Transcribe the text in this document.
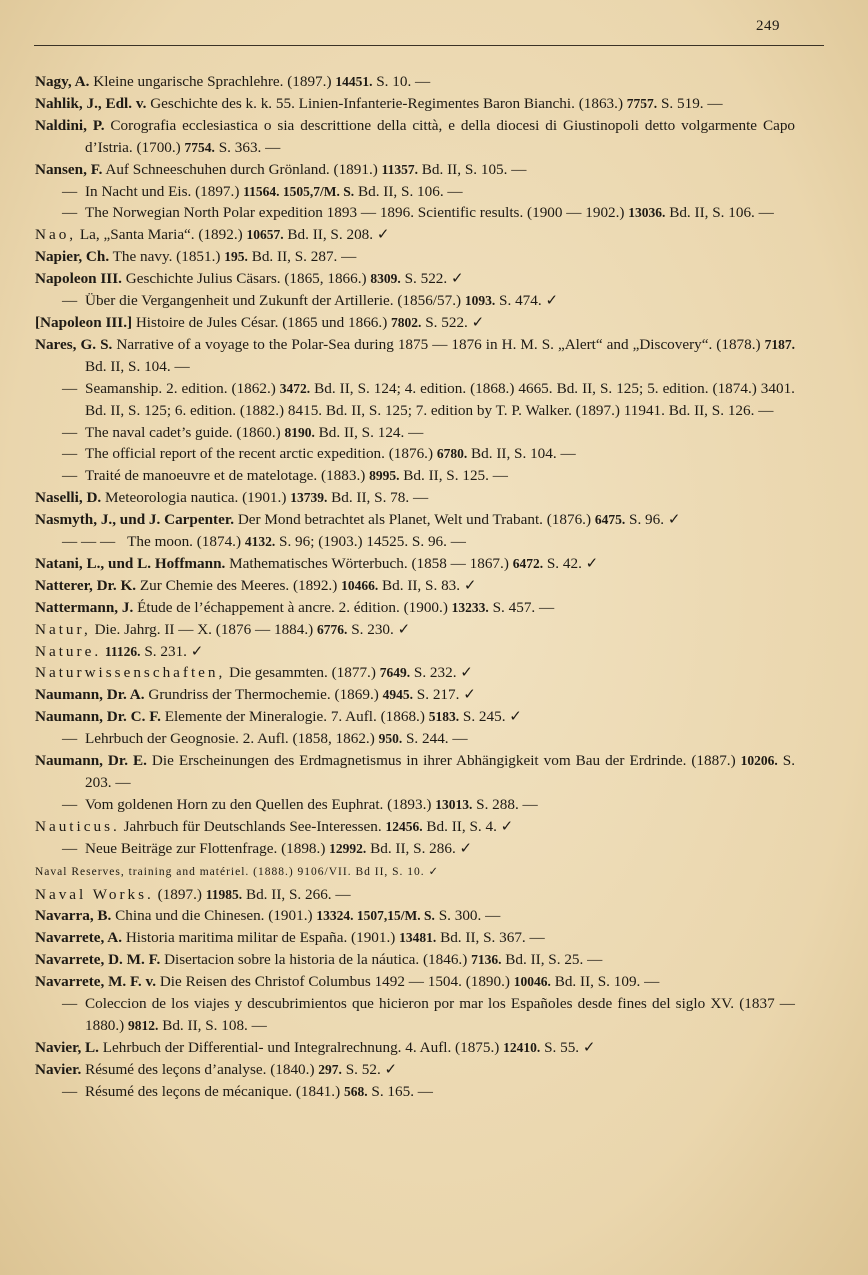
249
Nagy, A. Kleine ungarische Sprachlehre. (1897.) 14451. S. 10. —
Nahlik, J., Edl. v. Geschichte des k. k. 55. Linien-Infanterie-Regimentes Baron Bianchi. (1863.) 7757. S. 519. —
Naldini, P. Corografia ecclesiastica o sia descrittione della città, e della diocesi di Giustinopoli detto volgarmente Capo d’Istria. (1700.) 7754. S. 363. —
Nansen, F. Auf Schneeschuhen durch Grönland. (1891.) 11357. Bd. II, S. 105. —
— In Nacht und Eis. (1897.) 11564. 1505,7/M. S. Bd. II, S. 106. —
— The Norwegian North Polar expedition 1893 — 1896. Scientific results. (1900 — 1902.) 13036. Bd. II, S. 106. —
Nao, La, „Santa Maria“. (1892.) 10657. Bd. II, S. 208. ✓
Napier, Ch. The navy. (1851.) 195. Bd. II, S. 287. —
Napoleon III. Geschichte Julius Cäsars. (1865, 1866.) 8309. S. 522. ✓
— Über die Vergangenheit und Zukunft der Artillerie. (1856/57.) 1093. S. 474. ✓
[Napoleon III.] Histoire de Jules César. (1865 und 1866.) 7802. S. 522. ✓
Nares, G. S. Narrative of a voyage to the Polar-Sea during 1875 — 1876 in H. M. S. „Alert“ and „Discovery“. (1878.) 7187. Bd. II, S. 104. —
— Seamanship. 2. edition. (1862.) 3472. Bd. II, S. 124; 4. edition. (1868.) 4665. Bd. II, S. 125; 5. edition. (1874.) 3401. Bd. II, S. 125; 6. edition. (1882.) 8415. Bd. II, S. 125; 7. edition by T. P. Walker. (1897.) 11941. Bd. II, S. 126. —
— The naval cadet’s guide. (1860.) 8190. Bd. II, S. 124. —
— The official report of the recent arctic expedition. (1876.) 6780. Bd. II, S. 104. —
— Traité de manoeuvre et de matelotage. (1883.) 8995. Bd. II, S. 125. —
Naselli, D. Meteorologia nautica. (1901.) 13739. Bd. II, S. 78. —
Nasmyth, J., und J. Carpenter. Der Mond betrachtet als Planet, Welt und Trabant. (1876.) 6475. S. 96. ✓
— — — The moon. (1874.) 4132. S. 96; (1903.) 14525. S. 96. —
Natani, L., und L. Hoffmann. Mathematisches Wörterbuch. (1858 — 1867.) 6472. S. 42. ✓
Natterer, Dr. K. Zur Chemie des Meeres. (1892.) 10466. Bd. II, S. 83. ✓
Nattermann, J. Étude de l’échappement à ancre. 2. édition. (1900.) 13233. S. 457. —
Natur, Die. Jahrg. II — X. (1876 — 1884.) 6776. S. 230. ✓
Nature. 11126. S. 231. ✓
Naturwissenschaften, Die gesammten. (1877.) 7649. S. 232. ✓
Naumann, Dr. A. Grundriss der Thermochemie. (1869.) 4945. S. 217. ✓
Naumann, Dr. C. F. Elemente der Mineralogie. 7. Aufl. (1868.) 5183. S. 245. ✓
— Lehrbuch der Geognosie. 2. Aufl. (1858, 1862.) 950. S. 244. —
Naumann, Dr. E. Die Erscheinungen des Erdmagnetismus in ihrer Abhängigkeit vom Bau der Erdrinde. (1887.) 10206. S. 203. —
— Vom goldenen Horn zu den Quellen des Euphrat. (1893.) 13013. S. 288. —
Nauticus. Jahrbuch für Deutschlands See-Interessen. 12456. Bd. II, S. 4. ✓
— Neue Beiträge zur Flottenfrage. (1898.) 12992. Bd. II, S. 286. ✓
Naval Reserves, training and matériel. (1888.) 9106/VII. Bd II, S. 10. ✓
Naval Works. (1897.) 11985. Bd. II, S. 266. —
Navarra, B. China und die Chinesen. (1901.) 13324. 1507,15/M. S. S. 300. —
Navarrete, A. Historia maritima militar de España. (1901.) 13481. Bd. II, S. 367. —
Navarrete, D. M. F. Disertacion sobre la historia de la náutica. (1846.) 7136. Bd. II, S. 25. —
Navarrete, M. F. v. Die Reisen des Christof Columbus 1492 — 1504. (1890.) 10046. Bd. II, S. 109. —
— Coleccion de los viajes y descubrimientos que hicieron por mar los Españoles desde fines del siglo XV. (1837 — 1880.) 9812. Bd. II, S. 108. —
Navier, L. Lehrbuch der Differential- und Integralrechnung. 4. Aufl. (1875.) 12410. S. 55. ✓
Navier. Résumé des leçons d’analyse. (1840.) 297. S. 52. ✓
— Résumé des leçons de mécanique. (1841.) 568. S. 165. —
